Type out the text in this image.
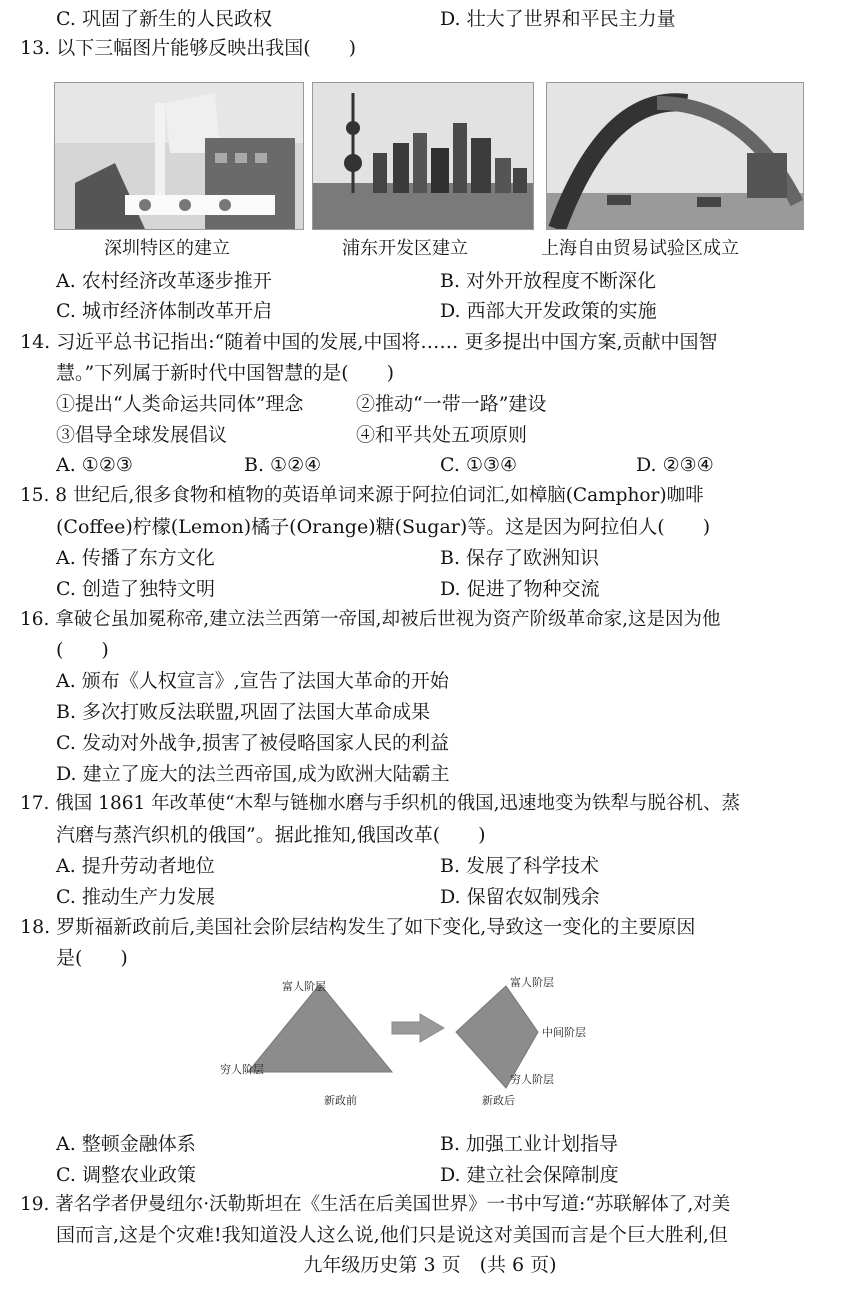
C. 巩固了新生的人民政权	D. 壮大了世界和平民主力量
13. 以下三幅图片能够反映出我国(　　)
深圳特区的建立	浦东开发区建立	上海自由贸易试验区成立
A. 农村经济改革逐步推开	B. 对外开放程度不断深化
C. 城市经济体制改革开启	D. 西部大开发政策的实施
14. 习近平总书记指出:“随着中国的发展,中国将…… 更多提出中国方案,贡献中国智
慧。”下列属于新时代中国智慧的是(　　)
①提出“人类命运共同体”理念	②推动“一带一路”建设
③倡导全球发展倡议	④和平共处五项原则
A. ①②③	B. ①②④	C. ①③④	D. ②③④
15. 8 世纪后,很多食物和植物的英语单词来源于阿拉伯词汇,如樟脑(Camphor)咖啡
(Coffee)柠檬(Lemon)橘子(Orange)糖(Sugar)等。这是因为阿拉伯人(　　)
A. 传播了东方文化	B. 保存了欧洲知识
C. 创造了独特文明	D. 促进了物种交流
16. 拿破仑虽加冕称帝,建立法兰西第一帝国,却被后世视为资产阶级革命家,这是因为他
(　　)
A. 颁布《人权宣言》,宣告了法国大革命的开始
B. 多次打败反法联盟,巩固了法国大革命成果
C. 发动对外战争,损害了被侵略国家人民的利益
D. 建立了庞大的法兰西帝国,成为欧洲大陆霸主
17. 俄国 1861 年改革使“木犁与链枷水磨与手织机的俄国,迅速地变为铁犁与脱谷机、蒸
汽磨与蒸汽织机的俄国”。据此推知,俄国改革(　　)
A. 提升劳动者地位	B. 发展了科学技术
C. 推动生产力发展	D. 保留农奴制残余
18. 罗斯福新政前后,美国社会阶层结构发生了如下变化,导致这一变化的主要原因
是(　　)
富人阶层
穷人阶层
新政前
富人阶层
中间阶层
穷人阶层
新政后
A. 整顿金融体系	B. 加强工业计划指导
C. 调整农业政策	D. 建立社会保障制度
19. 著名学者伊曼纽尔·沃勒斯坦在《生活在后美国世界》一书中写道:“苏联解体了,对美
国而言,这是个灾难!我知道没人这么说,他们只是说这对美国而言是个巨大胜利,但
九年级历史第 3 页　(共 6 页)
